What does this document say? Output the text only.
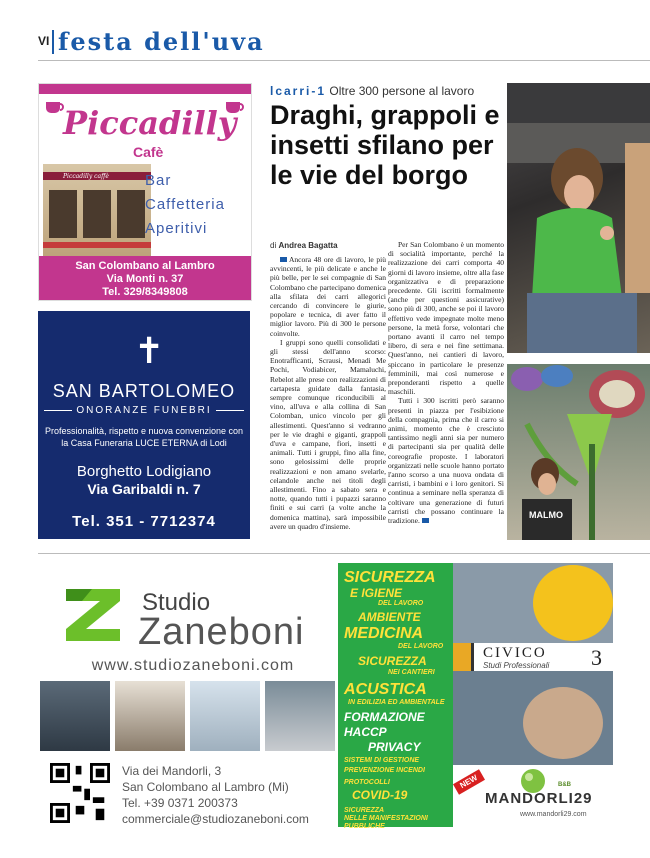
VI festa dell'uva
Piccadilly
Cafè
Piccadilly caffè Bar
Caffetteria
Aperitivi
San Colombano al Lambro
Via Monti n. 37
Tel. 329/8349808
✝
SAN BARTOLOMEO
ONORANZE FUNEBRI
Professionalità, rispetto e nuova convenzione con la Casa Funeraria LUCE ETERNA di Lodi
Borghetto Lodigiano
Via Garibaldi n. 7
Tel. 351 - 7712374
lcarri-1 Oltre 300 persone al lavoro
Draghi, grappoli e insetti sfilano per le vie del borgo
di Andrea Bagatta

Ancora 48 ore di lavoro, le più avvincenti, le più delicate e anche le più belle, per le sei compagnie di San Colombano che partecipano domenica alla sfilata dei carri allegorici cercando di convincere le giurie, popolare e tecnica, di aver fatto il miglior lavoro. Più di 300 le persone coinvolte.

I gruppi sono quelli consolidati e gli stessi dell'anno scorso: Enotrafficanti, Scrausi, Menadi Me Pochi, Vodiabicer, Mamaluchi, Rebelot alle prese con realizzazioni di cartapesta guidate dalla fantasia, sempre comunque riconducibili al vino, all'uva e alla collina di San Colomban, unico vincolo per gli allestimenti. Quest'anno si vedranno per le vie draghi e giganti, grappoli d'uva e campane, fiori, insetti e animali. Tutti i gruppi, fino alla fine, sono gelosissimi delle proprie realizzazioni e non amano svelarle, celandole anche nei titoli degli allestimenti. Fino a sabato sera e notte, quando tutti i pupazzi saranno finiti e sui carri (a volte anche la domenica mattina), sarà impossibile avere un quadro d'insieme.

Per San Colombano è un momento di socialità importante, perché la realizzazione dei carri comporta 40 giorni di lavoro insieme, oltre alla fase organizzativa e di preparazione precedente. Gli iscritti formalmente (anche per questioni assicurative) sono più di 300, anche se poi il lavoro effettivo vede impegnate molte meno persone, la metà forse, volontari che portano avanti il carro nel tempo libero, di sera e nei fine settimana. Quest'anno, nei cantieri di lavoro, spiccano in particolare le presenze femminili, mai così numerose e preponderanti rispetto a quelle maschili.

Tutti i 300 iscritti però saranno presenti in piazza per l'esibizione della compagnia, prima che il carro si animi, momento che è cresciuto tantissimo negli anni sia per numero di partecipanti sia per qualità delle coreografie proposte. I laboratori organizzati nelle scuole hanno portato l'anno scorso a una nuova ondata di carristi, i bambini e i loro genitori. Si continua a seminare nella speranza di coltivare una generazione di futuri carristi che possano continuare la tradizione.

MALMO
Studio
Zaneboni
www.studiozaneboni.com
Via dei Mandorli, 3
San Colombano al Lambro (Mi)
Tel. +39 0371 200373
commerciale@studiozaneboni.com
SICUREZZA
E IGIENE
DEL LAVORO
AMBIENTE
MEDICINA
DEL LAVORO
SICUREZZA
NEI CANTIERI
ACUSTICA
IN EDILIZIA ED AMBIENTALE
FORMAZIONE
HACCP
PRIVACY
SISTEMI DI GESTIONE
PREVENZIONE INCENDI
PROTOCOLLI
COVID-19
SICUREZZA
NELLE MANIFESTAZIONI PUBBLICHE
CIVICO
Studi Professionali 3
NEW
MANDORLI29
B&B
www.mandorli29.com
